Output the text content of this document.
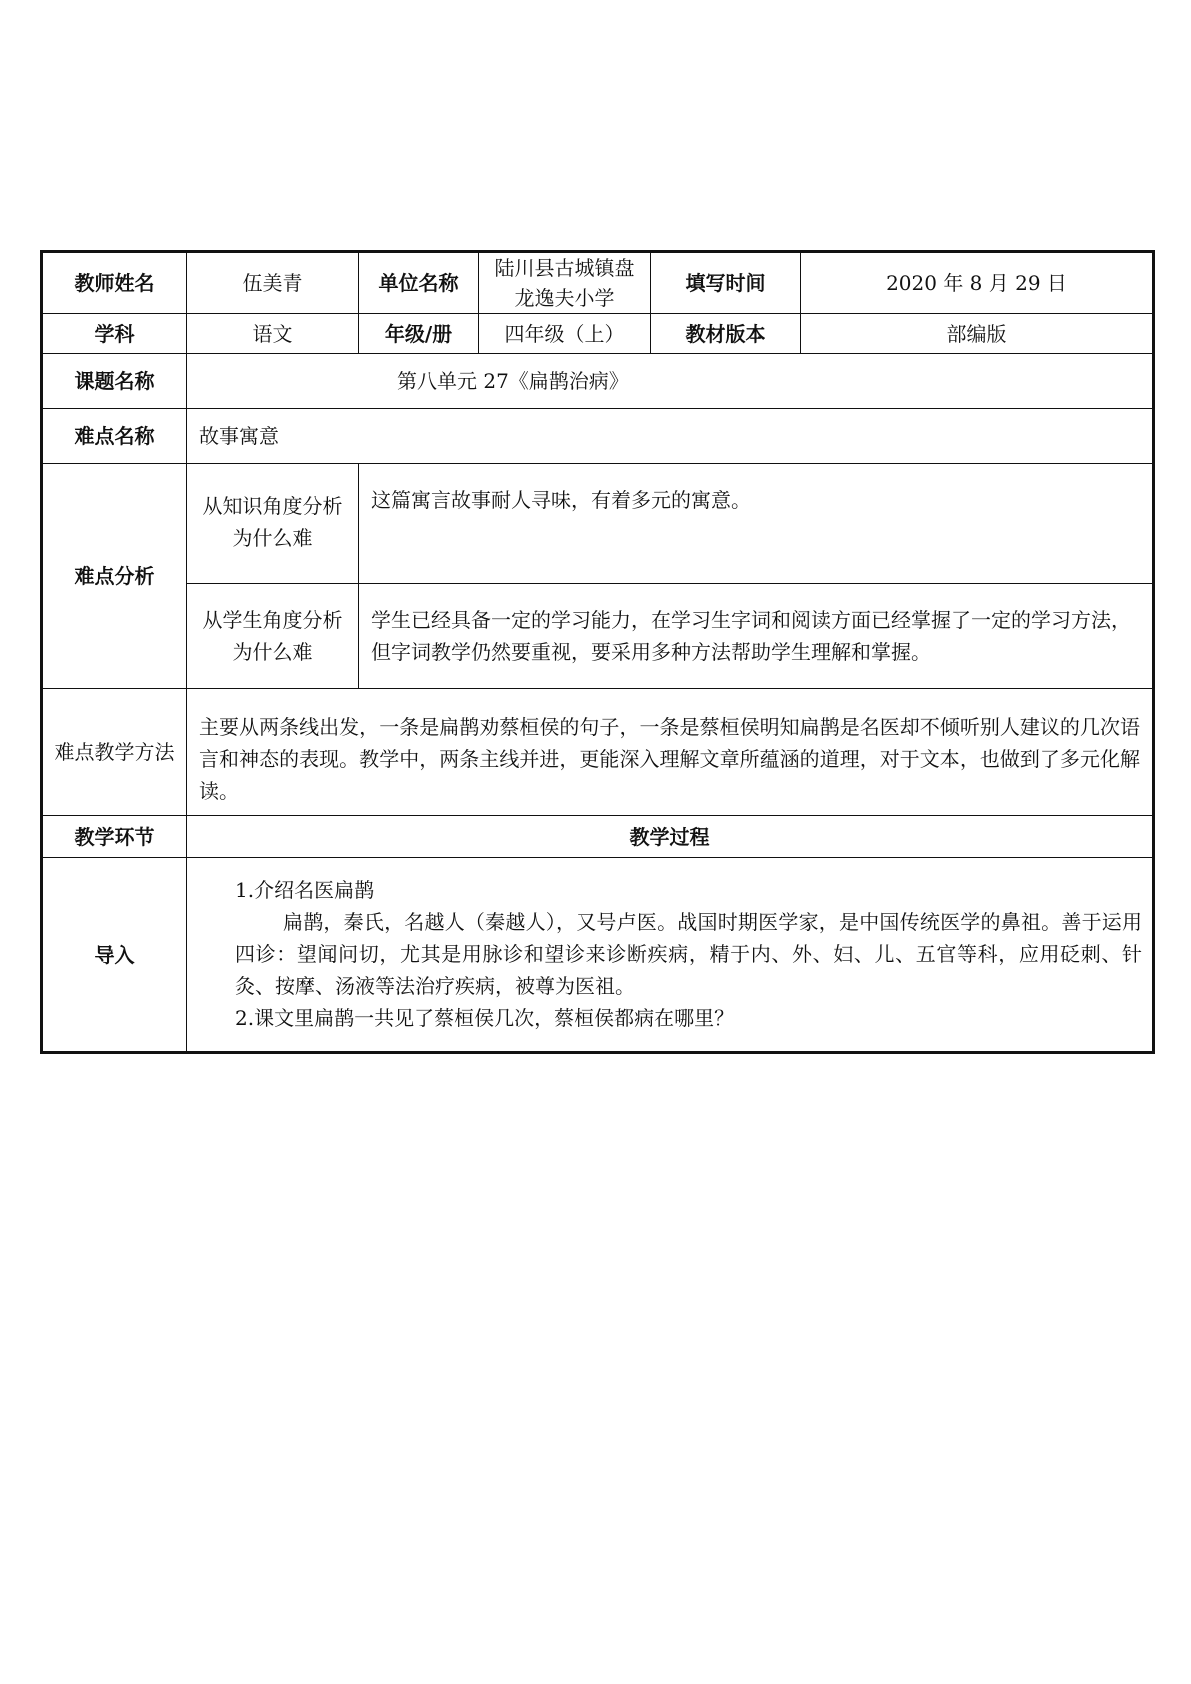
教师姓名	伍美青	单位名称	陆川县古城镇盘龙逸夫小学	填写时间	2020 年 8 月 29 日
学科	语文	年级/册	四年级（上）	教材版本	部编版
课题名称	第八单元 27《扁鹊治病》				
难点名称	故事寓意				
难点分析	从知识角度分析为什么难	这篇寓言故事耐人寻味，有着多元的寓意。			
	从学生角度分析为什么难	学生已经具备一定的学习能力，在学习生字词和阅读方面已经掌握了一定的学习方法，但字词教学仍然要重视，要采用多种方法帮助学生理解和掌握。			
难点教学方法	主要从两条线出发，一条是扁鹊劝蔡桓侯的句子，一条是蔡桓侯明知扁鹊是名医却不倾听别人建议的几次语言和神态的表现。教学中，两条主线并进，更能深入理解文章所蕴涵的道理，对于文本，也做到了多元化解读。				
教学环节	教学过程				
导入	1.介绍名医扁鹊
扁鹊，秦氏，名越人（秦越人），又号卢医。战国时期医学家，是中国传统医学的鼻祖。善于运用四诊：望闻问切，尤其是用脉诊和望诊来诊断疾病，精于内、外、妇、儿、五官等科，应用砭刺、针灸、按摩、汤液等法治疗疾病，被尊为医祖。
2.课文里扁鹊一共见了蔡桓侯几次，蔡桓侯都病在哪里？				
